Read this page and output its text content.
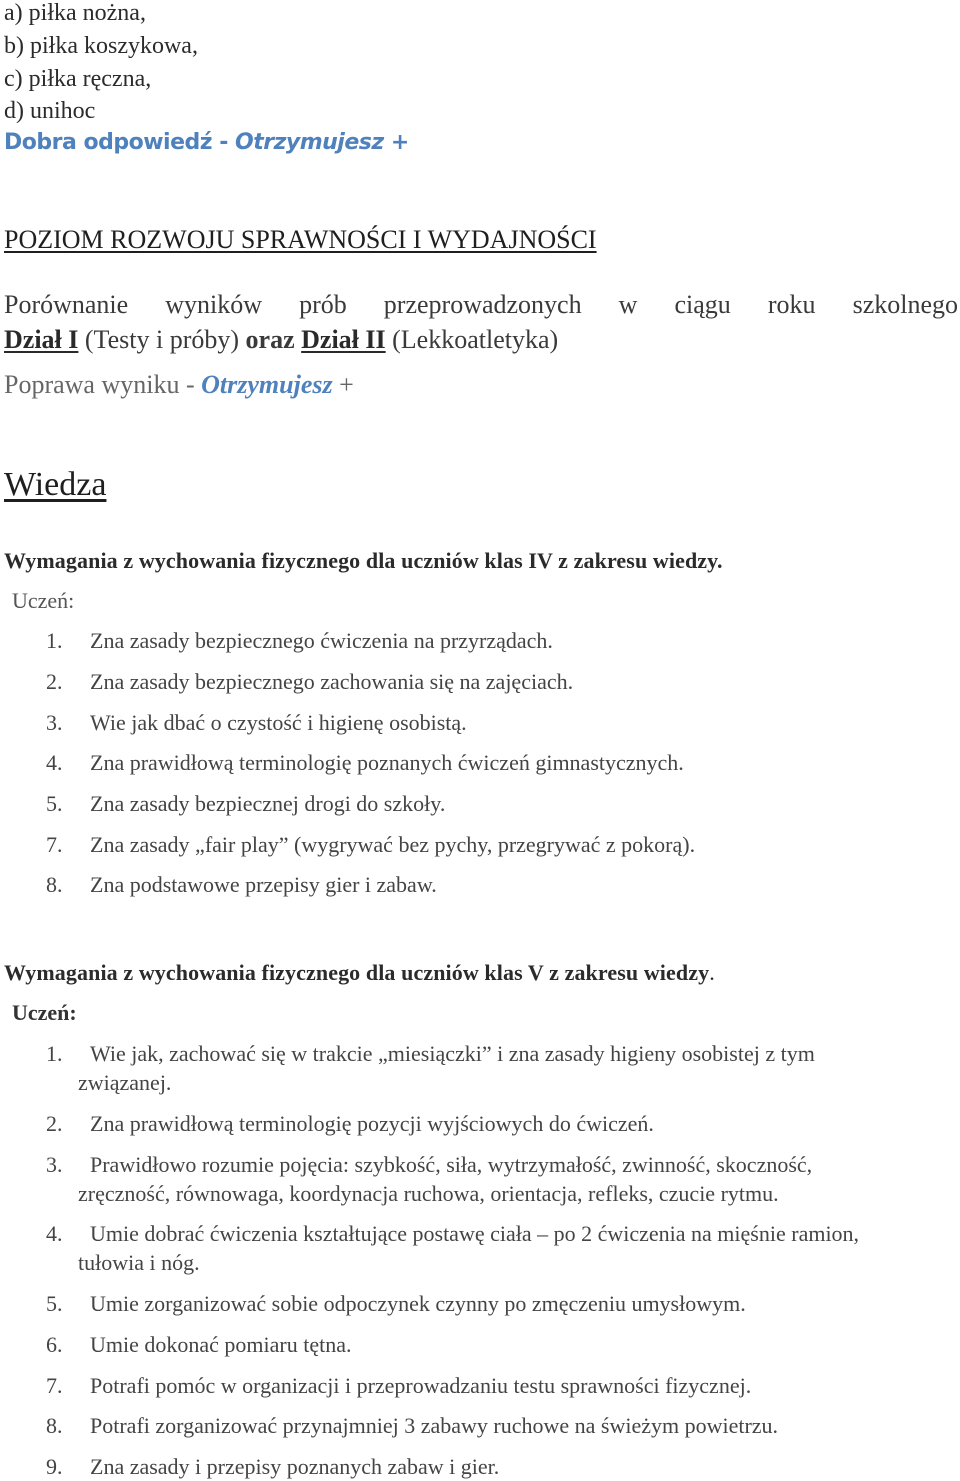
a) piłka nożna,
b) piłka koszykowa,
c) piłka ręczna,
d) unihoc
Dobra odpowiedź - Otrzymujesz +
POZIOM ROZWOJU SPRAWNOŚCI I WYDAJNOŚCI
Porównanie wyników prób przeprowadzonych w ciągu roku szkolnego
Dział I (Testy i próby) oraz Dział II (Lekkoatletyka)
Poprawa wyniku - Otrzymujesz +
Wiedza
Wymagania z wychowania fizycznego dla uczniów klas IV z zakresu wiedzy.
Uczeń:
1. Zna zasady bezpiecznego ćwiczenia na przyrządach.
2. Zna zasady bezpiecznego zachowania się na zajęciach.
3. Wie jak dbać o czystość i higienę osobistą.
4. Zna prawidłową terminologię poznanych ćwiczeń gimnastycznych.
5. Zna zasady bezpiecznej drogi do szkoły.
7. Zna zasady „fair play” (wygrywać bez pychy, przegrywać z pokorą).
8. Zna podstawowe przepisy gier i zabaw.
Wymagania z wychowania fizycznego dla uczniów klas V z zakresu wiedzy.
Uczeń:
1. Wie jak, zachować się w trakcie „miesiączki” i zna zasady higieny osobistej z tym
związanej.
2. Zna prawidłową terminologię pozycji wyjściowych do ćwiczeń.
3. Prawidłowo rozumie pojęcia: szybkość, siła, wytrzymałość, zwinność, skoczność,
zręczność, równowaga, koordynacja ruchowa, orientacja, refleks, czucie rytmu.
4. Umie dobrać ćwiczenia kształtujące postawę ciała – po 2 ćwiczenia na mięśnie ramion,
tułowia i nóg.
5. Umie zorganizować sobie odpoczynek czynny po zmęczeniu umysłowym.
6. Umie dokonać pomiaru tętna.
7. Potrafi pomóc w organizacji i przeprowadzaniu testu sprawności fizycznej.
8. Potrafi zorganizować przynajmniej 3 zabawy ruchowe na świeżym powietrzu.
9. Zna zasady i przepisy poznanych zabaw i gier.
